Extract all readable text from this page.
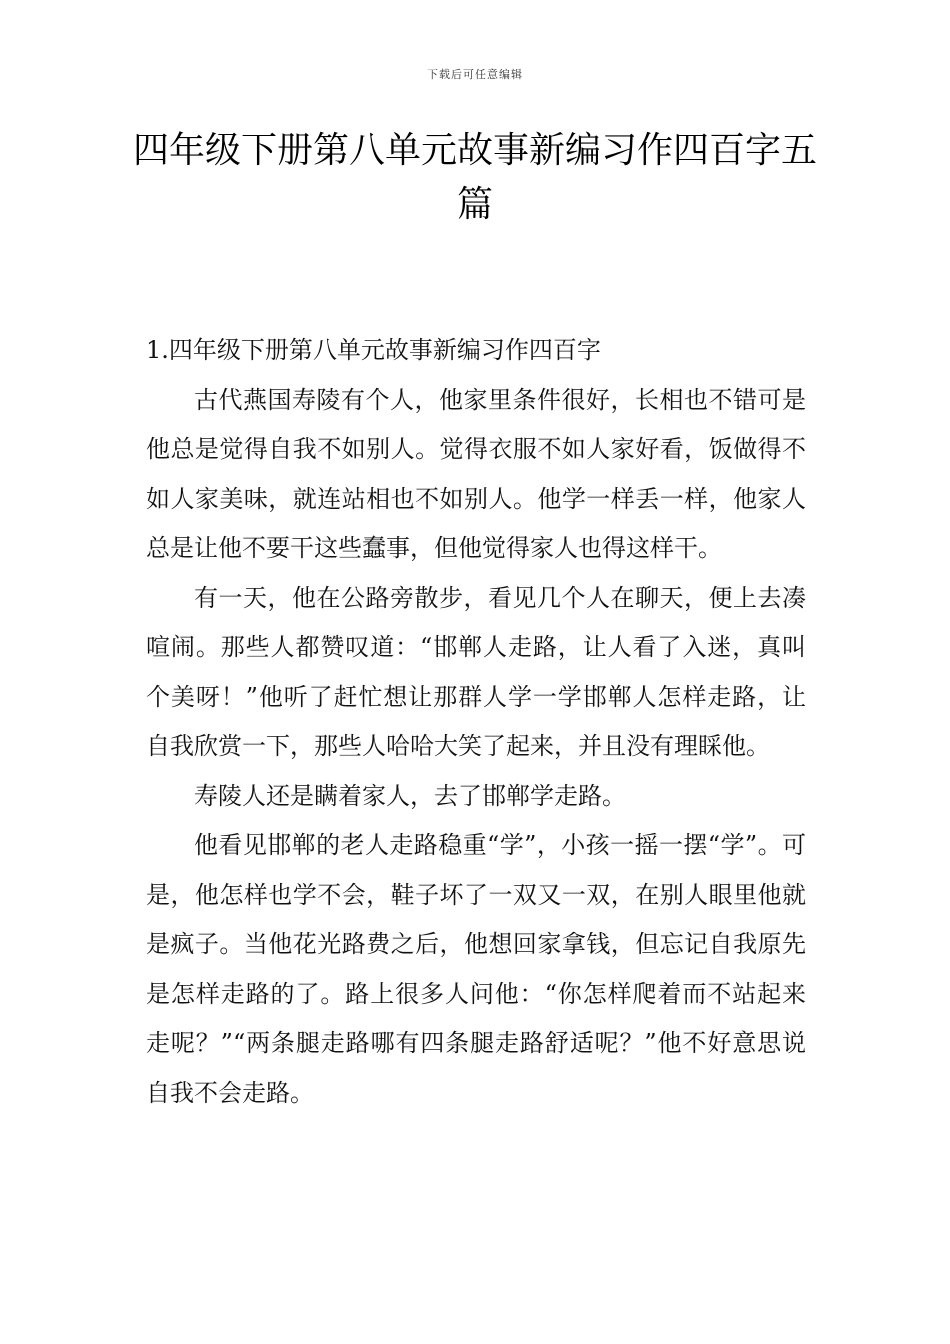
下载后可任意编辑
四年级下册第八单元故事新编习作四百字五篇

1.四年级下册第八单元故事新编习作四百字

古代燕国寿陵有个人，他家里条件很好，长相也不错可是他总是觉得自我不如别人。觉得衣服不如人家好看，饭做得不如人家美味，就连站相也不如别人。他学一样丢一样，他家人总是让他不要干这些蠢事，但他觉得家人也得这样干。

有一天，他在公路旁散步，看见几个人在聊天，便上去凑喧闹。那些人都赞叹道：“邯郸人走路，让人看了入迷，真叫个美呀！”他听了赶忙想让那群人学一学邯郸人怎样走路，让自我欣赏一下，那些人哈哈大笑了起来，并且没有理睬他。

寿陵人还是瞒着家人，去了邯郸学走路。

他看见邯郸的老人走路稳重“学”，小孩一摇一摆“学”。可是，他怎样也学不会，鞋子坏了一双又一双，在别人眼里他就是疯子。当他花光路费之后，他想回家拿钱，但忘记自我原先是怎样走路的了。路上很多人问他：“你怎样爬着而不站起来走呢？”“两条腿走路哪有四条腿走路舒适呢？”他不好意思说自我不会走路。
